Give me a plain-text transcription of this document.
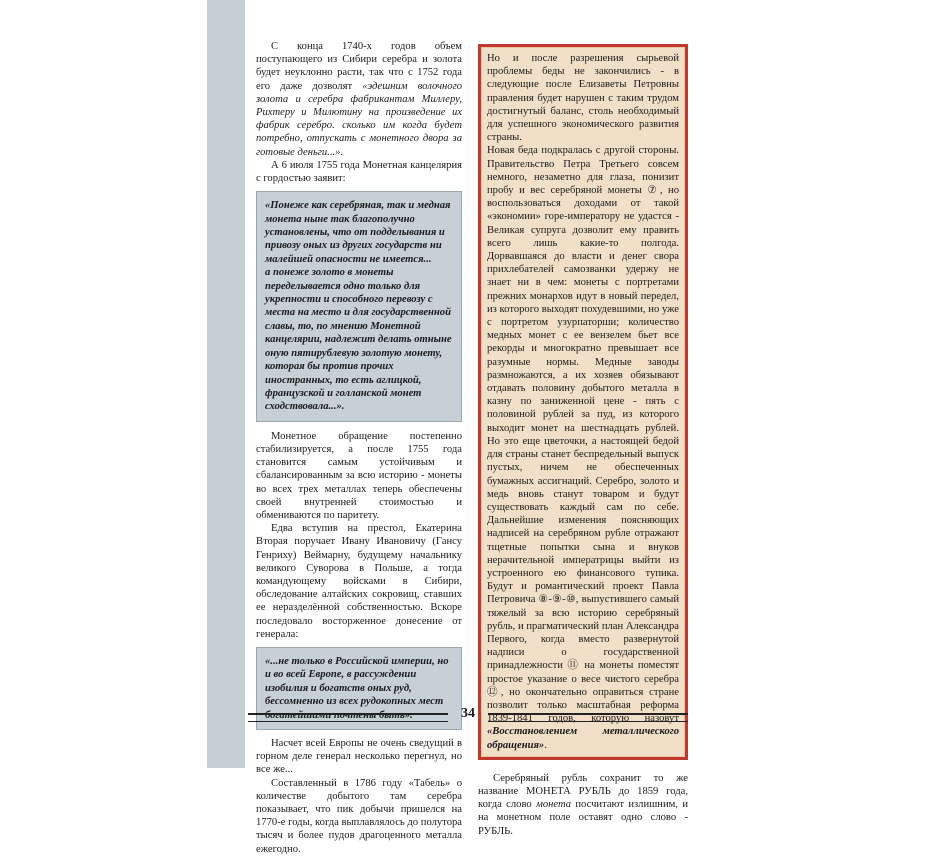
С конца 1740-х годов объем поступающего из Сибири серебра и золота будет неуклонно расти, так что с 1752 года его даже дозволят «эдешним волочного золота и серебра фабрикантам Миллеру, Рихтеру и Милютину на произведение их фабрик серебро. сколько им когда будет потребно, отпускать с монетного двора за готовые деньги...».

А 6 июля 1755 года Монетная канцелярия с гордостью заявит:

«Понеже как серебряная, так и медная монета ныне так благополучно установлены, что от подделывания и привозу оных из других государств ни малейшей опасности не имеется...
а понеже золото в монеты переделывается одно только для укрепности и способного перевозу с места на место и для государственной славы, то, по мнению Монетной канцелярии, надлежит делать отныне оную пятирублевую золотую монету, которая бы против прочих иностранных, то есть аглицкой, французской и голланской монет сходствовала...».

Монетное обращение постепенно стабилизируется, а после 1755 года становится самым устойчивым и сбалансированным за всю историю - монеты во всех трех металлах теперь обеспечены своей внутренней стоимостью и обмениваются по паритету.

Едва вступив на престол, Екатерина Вторая поручает Ивану Ивановичу (Гансу Генриху) Веймарну, будущему начальнику великого Суворова в Польше, а тогда командующему войсками в Сибири, обследование алтайских сокровищ, ставших ее неразделённой собственностью. Вскоре последовало восторженное донесение от генерала:

«...не только в Российской империи, но и во всей Европе, в рассуждении изобилия и богатств оных руд, бессомненно из всех рудокопных мест богатейшими почтены быть».

Насчет всей Европы не очень сведущий в горном деле генерал несколько перегнул, но все же...

Составленный в 1786 году «Табель» о количестве добытого там серебра показывает, что пик добычи пришелся на 1770-е годы, когда выплавлялось до полутора тысяч и более пудов драгоценного металла ежегодно.

Но и после разрешения сырьевой проблемы беды не закончились - в следующие после Елизаветы Петровны правления будет нарушен с таким трудом достигнутый баланс, столь необходимый для успешного экономического развития страны.

Новая беда подкралась с другой стороны. Правительство Петра Третьего совсем немного, незаметно для глаза, понизит пробу и вес серебряной монеты ⑦, но воспользоваться доходами от такой «экономии» горе-императору не удастся - Великая супруга дозволит ему править всего лишь какие-то полгода. Дорвавшаяся до власти и денег свора прихлебателей самозванки удержу не знает ни в чем: монеты с портретами прежних монархов идут в новый передел, из которого выходят похудевшими, но уже с портретом узурпаторши; количество медных монет с ее вензелем бьет все рекорды и многократно превышает все разумные нормы. Медные заводы размножаются, а их хозяев обязывают отдавать половину добытого металла в казну по заниженной цене - пять с половиной рублей за пуд, из которого выходит монет на шестнадцать рублей. Но это еще цветочки, а настоящей бедой для страны станет беспредельный выпуск пустых, ничем не обеспеченных бумажных ассигнаций. Серебро, золото и медь вновь станут товаром и будут существовать каждый сам по себе. Дальнейшие изменения поясняющих надписей на серебряном рубле отражают тщетные попытки сына и внуков нерачительной императрицы выйти из устроенного ею финансового тупика. Будут и романтический проект Павла Петровича ⑧-⑨-⑩, выпустившего самый тяжелый за всю историю серебряный рубль, и прагматический план Александра Первого, когда вместо развернутой надписи о государственной принадлежности ⑪ на монеты поместят простое указание о весе чистого серебра ⑫, но окончательно оправиться стране позволит только масштабная реформа 1839-1841 годов, которую назовут «Восстановлением металлического обращения».

Серебряный рубль сохранит то же название МОНЕТА РУБЛЬ до 1859 года, когда слово монета посчитают излишним, и на монетном поле оставят одно слово - РУБЛЬ.

34
